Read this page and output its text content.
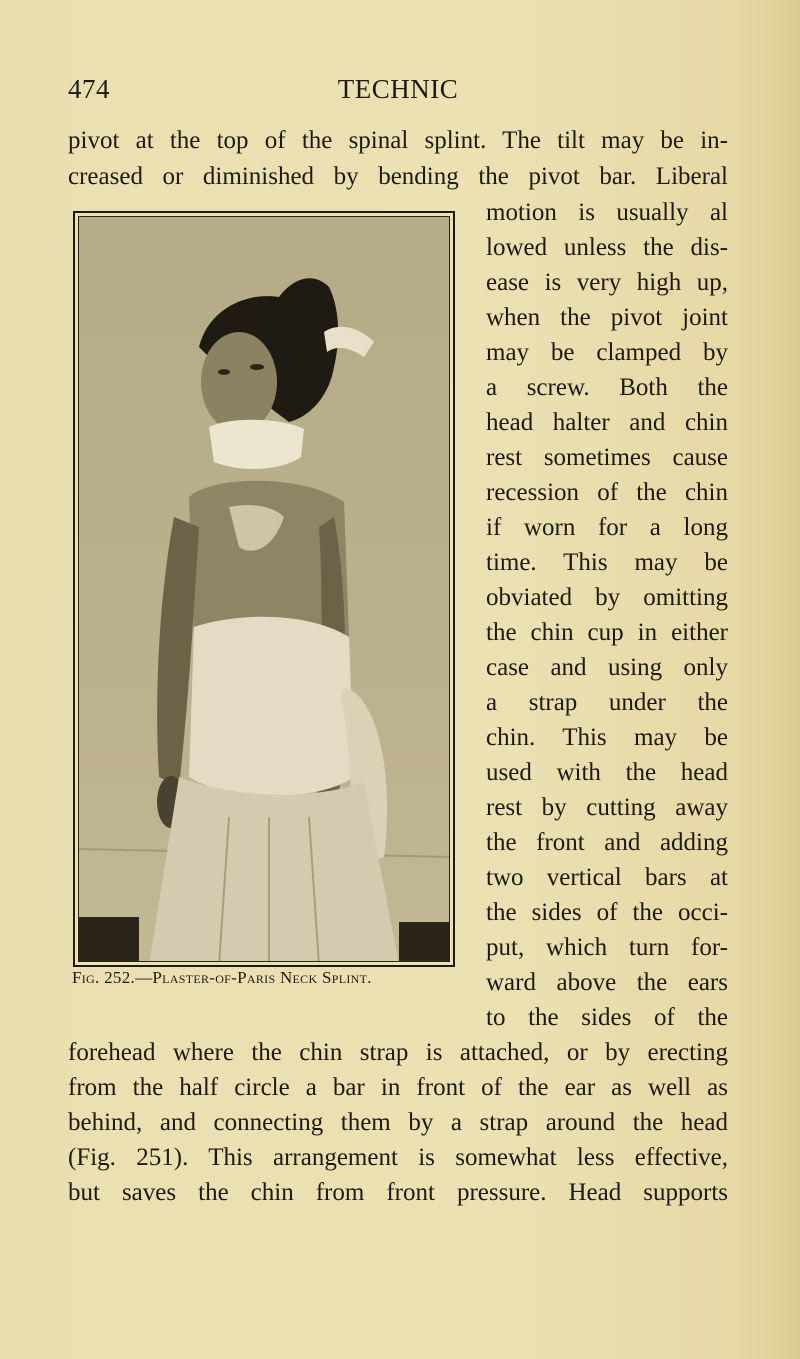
474	TECHNIC
pivot at the top of the spinal splint. The tilt may be in-
creased or diminished by bending the pivot bar. Liberal
motion is usually al
lowed unless the dis-
ease is very high up,
when the pivot joint
may be clamped by
a screw. Both the
head halter and chin
rest sometimes cause
recession of the chin
if worn for a long
time. This may be
obviated by omitting
the chin cup in either
case and using only
a strap under the
chin. This may be
used with the head
rest by cutting away
the front and adding
two vertical bars at
the sides of the occi-
put, which turn for-
ward above the ears
to the sides of the
forehead where the chin strap is attached, or by erecting
from the half circle a bar in front of the ear as well as
behind, and connecting them by a strap around the head
(Fig. 251). This arrangement is somewhat less effective,
but saves the chin from front pressure. Head supports
Fig. 252.—Plaster-of-Paris Neck Splint.
